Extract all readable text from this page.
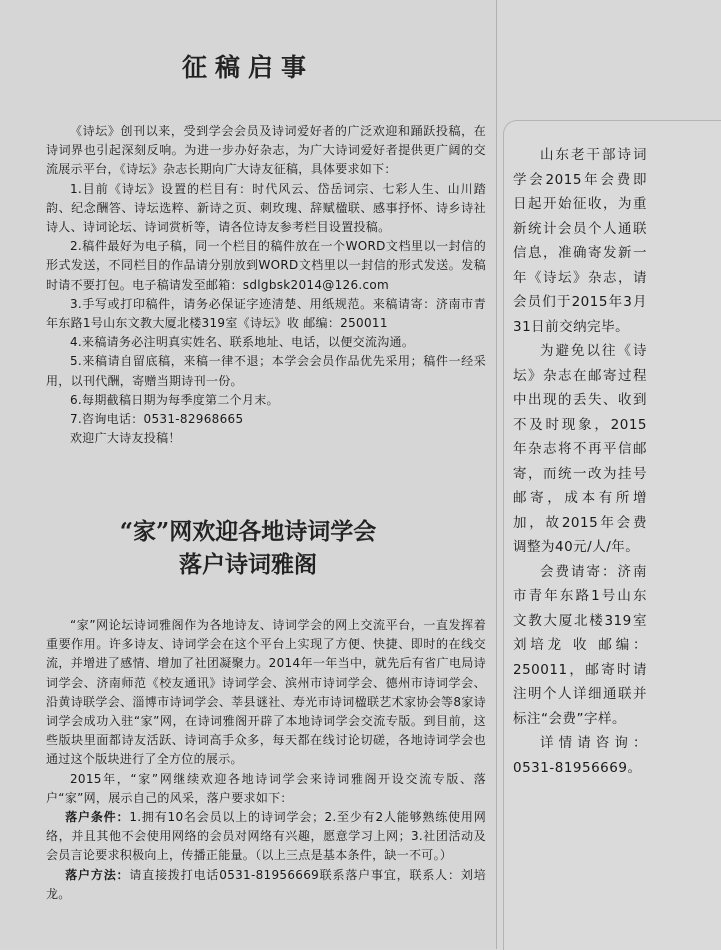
征稿启事

《诗坛》创刊以来，受到学会会员及诗词爱好者的广泛欢迎和踊跃投稿，在诗词界也引起深刻反响。为进一步办好杂志，为广大诗词爱好者提供更广阔的交流展示平台，《诗坛》杂志长期向广大诗友征稿，具体要求如下：

1.目前《诗坛》设置的栏目有：时代风云、岱岳词宗、七彩人生、山川踏韵、纪念酬答、诗坛选粹、新诗之页、刺玫瑰、辞赋楹联、感事抒怀、诗乡诗社诗人、诗词论坛、诗词赏析等，请各位诗友参考栏目设置投稿。

2.稿件最好为电子稿，同一个栏目的稿件放在一个WORD文档里以一封信的形式发送，不同栏目的作品请分别放到WORD文档里以一封信的形式发送。发稿时请不要打包。电子稿请发至邮箱：sdlgbsk2014@126.com

3.手写或打印稿件，请务必保证字迹清楚、用纸规范。来稿请寄：济南市青年东路1号山东文教大厦北楼319室《诗坛》收 邮编：250011

4.来稿请务必注明真实姓名、联系地址、电话，以便交流沟通。

5.来稿请自留底稿，来稿一律不退；本学会会员作品优先采用；稿件一经采用，以刊代酬，寄赠当期诗刊一份。

6.每期截稿日期为每季度第二个月末。

7.咨询电话：0531-82968665

欢迎广大诗友投稿！

“家”网欢迎各地诗词学会
落户诗词雅阁

“家”网论坛诗词雅阁作为各地诗友、诗词学会的网上交流平台，一直发挥着重要作用。许多诗友、诗词学会在这个平台上实现了方便、快捷、即时的在线交流，并增进了感情、增加了社团凝聚力。2014年一年当中，就先后有省广电局诗词学会、济南师范《校友通讯》诗词学会、滨州市诗词学会、德州市诗词学会、沿黄诗联学会、淄博市诗词学会、莘县谜社、寿光市诗词楹联艺术家协会等8家诗词学会成功入驻“家”网，在诗词雅阁开辟了本地诗词学会交流专版。到目前，这些版块里面都诗友活跃、诗词高手众多，每天都在线讨论切磋，各地诗词学会也通过这个版块进行了全方位的展示。

2015年，“家”网继续欢迎各地诗词学会来诗词雅阁开设交流专版、落户“家”网，展示自己的风采，落户要求如下：

落户条件：1.拥有10名会员以上的诗词学会；2.至少有2人能够熟练使用网络，并且其他不会使用网络的会员对网络有兴趣，愿意学习上网；3.社团活动及会员言论要求积极向上，传播正能量。（以上三点是基本条件，缺一不可。）

落户方法：请直接拨打电话0531-81956669联系落户事宜，联系人：刘培龙。

山东老干部诗词学会2015年会费即日起开始征收，为重新统计会员个人通联信息，准确寄发新一年《诗坛》杂志，请会员们于2015年3月31日前交纳完毕。

为避免以往《诗坛》杂志在邮寄过程中出现的丢失、收到不及时现象，2015年杂志将不再平信邮寄，而统一改为挂号邮寄，成本有所增加，故2015年会费调整为40元/人/年。

会费请寄：济南市青年东路1号山东文教大厦北楼319室 刘培龙 收 邮编：250011，邮寄时请注明个人详细通联并标注“会费”字样。

详情请咨询：0531-81956669。
